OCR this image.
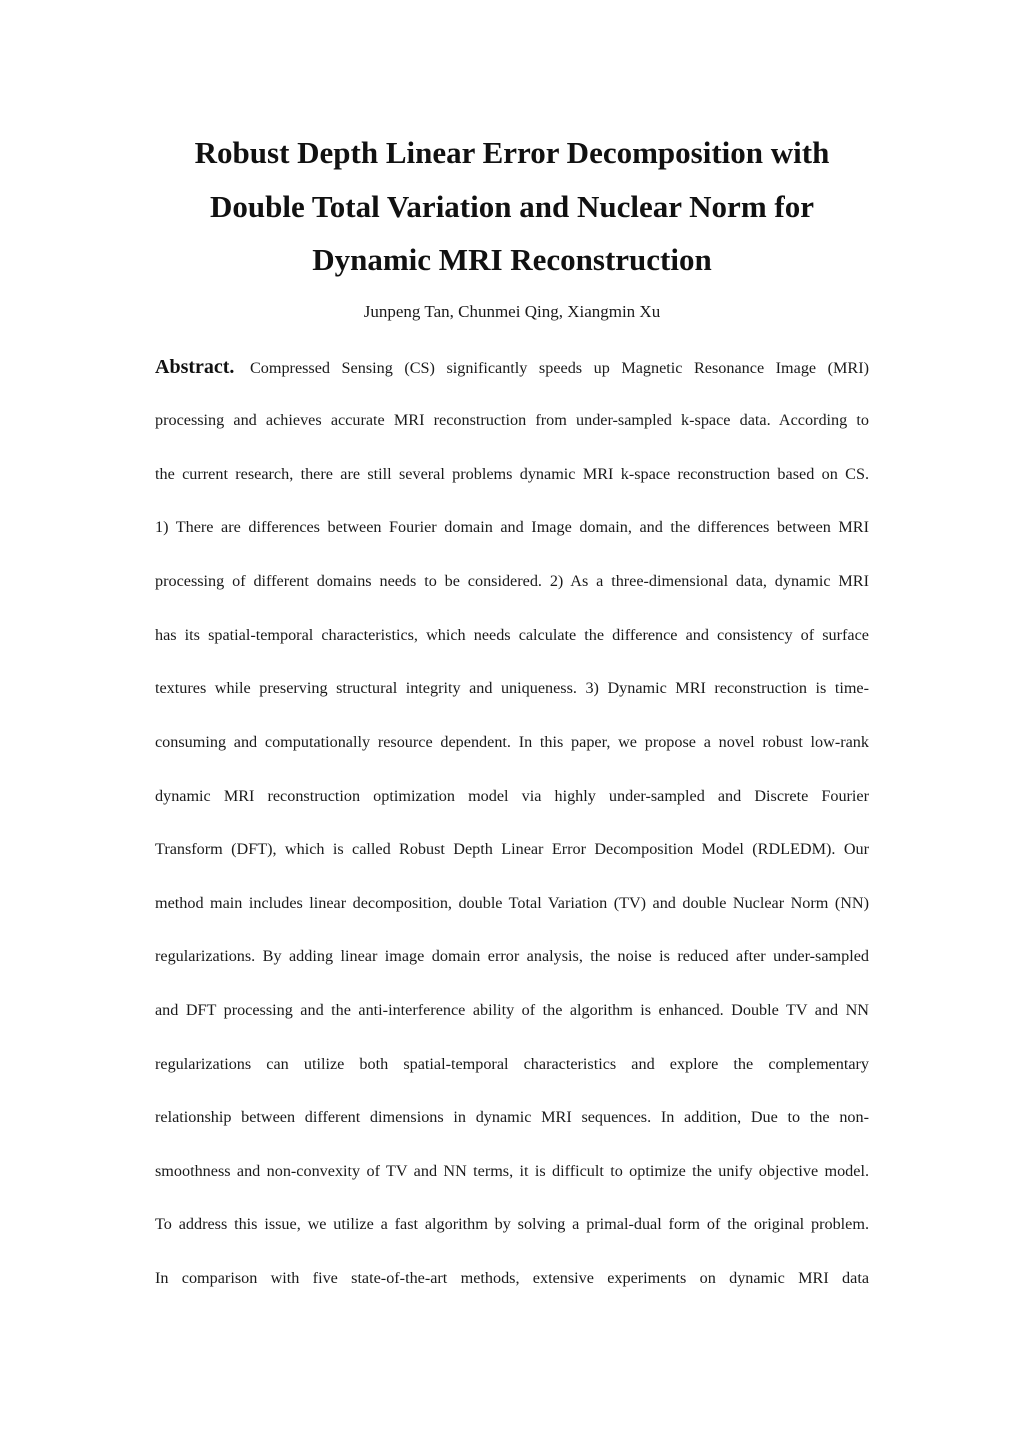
Robust Depth Linear Error Decomposition with
Double Total Variation and Nuclear Norm for
Dynamic MRI Reconstruction
Junpeng Tan, Chunmei Qing, Xiangmin Xu
Abstract. Compressed Sensing (CS) significantly speeds up Magnetic Resonance Image (MRI)
processing and achieves accurate MRI reconstruction from under-sampled k-space data. According to
the current research, there are still several problems dynamic MRI k-space reconstruction based on CS.
1) There are differences between Fourier domain and Image domain, and the differences between MRI
processing of different domains needs to be considered. 2) As a three-dimensional data, dynamic MRI
has its spatial-temporal characteristics, which needs calculate the difference and consistency of surface
textures while preserving structural integrity and uniqueness. 3) Dynamic MRI reconstruction is time-
consuming and computationally resource dependent. In this paper, we propose a novel robust low-rank
dynamic MRI reconstruction optimization model via highly under-sampled and Discrete Fourier
Transform (DFT), which is called Robust Depth Linear Error Decomposition Model (RDLEDM). Our
method main includes linear decomposition, double Total Variation (TV) and double Nuclear Norm (NN)
regularizations. By adding linear image domain error analysis, the noise is reduced after under-sampled
and DFT processing and the anti-interference ability of the algorithm is enhanced. Double TV and NN
regularizations can utilize both spatial-temporal characteristics and explore the complementary
relationship between different dimensions in dynamic MRI sequences. In addition, Due to the non-
smoothness and non-convexity of TV and NN terms, it is difficult to optimize the unify objective model.
To address this issue, we utilize a fast algorithm by solving a primal-dual form of the original problem.
In comparison with five state-of-the-art methods, extensive experiments on dynamic MRI data
